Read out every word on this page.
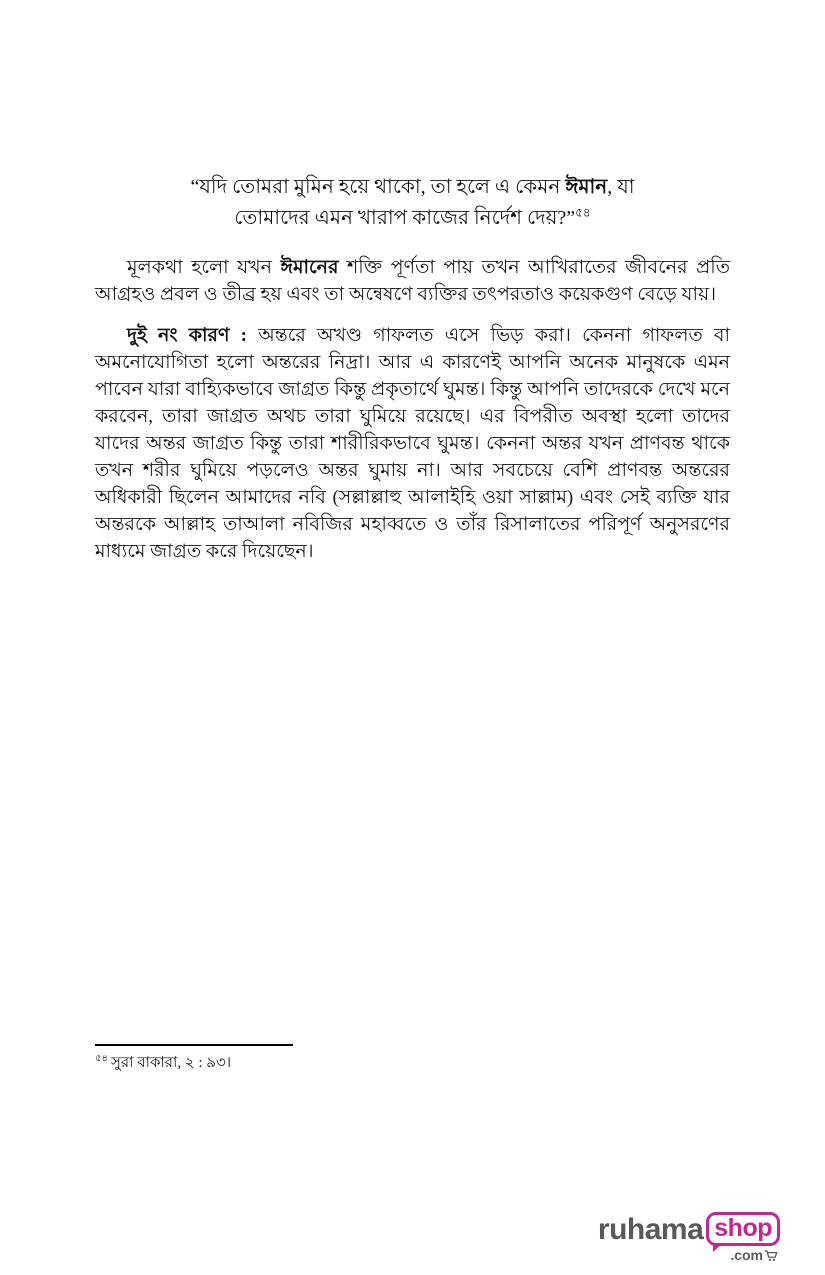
“যদি তোমরা মুমিন হয়ে থাকো, তা হলে এ কেমন ঈমান, যা তোমাদের এমন খারাপ কাজের নির্দেশ দেয়?”$^{৫৪}$

মূলকথা হলো যখন ঈমানের শক্তি পূর্ণতা পায় তখন আখিরাতের জীবনের প্রতি আগ্রহও প্রবল ও তীব্র হয় এবং তা অন্বেষণে ব্যক্তির তৎপরতাও কয়েকগুণ বেড়ে যায়।

দুই নং কারণ : অন্তরে অখণ্ড গাফলত এসে ভিড় করা। কেননা গাফলত বা অমনোযোগিতা হলো অন্তরের নিদ্রা। আর এ কারণেই আপনি অনেক মানুষকে এমন পাবেন যারা বাহ্যিকভাবে জাগ্রত কিন্তু প্রকৃতার্থে ঘুমন্ত। কিন্তু আপনি তাদেরকে দেখে মনে করবেন, তারা জাগ্রত অথচ তারা ঘুমিয়ে রয়েছে। এর বিপরীত অবস্থা হলো তাদের যাদের অন্তর জাগ্রত কিন্তু তারা শারীরিকভাবে ঘুমন্ত। কেননা অন্তর যখন প্রাণবন্ত থাকে তখন শরীর ঘুমিয়ে পড়লেও অন্তর ঘুমায় না। আর সবচেয়ে বেশি প্রাণবন্ত অন্তরের অধিকারী ছিলেন আমাদের নবি (সল্লাল্লাহু আলাইহি ওয়া সাল্লাম) এবং সেই ব্যক্তি যার অন্তরকে আল্লাহ তাআলা নবিজির মহাব্বতে ও তাঁর রিসালাতের পরিপূর্ণ অনুসরণের মাধ্যমে জাগ্রত করে দিয়েছেন।

$^{৫৪}$ সুরা বাকারা, ২ : ৯৩।
ruhama shop
.com
